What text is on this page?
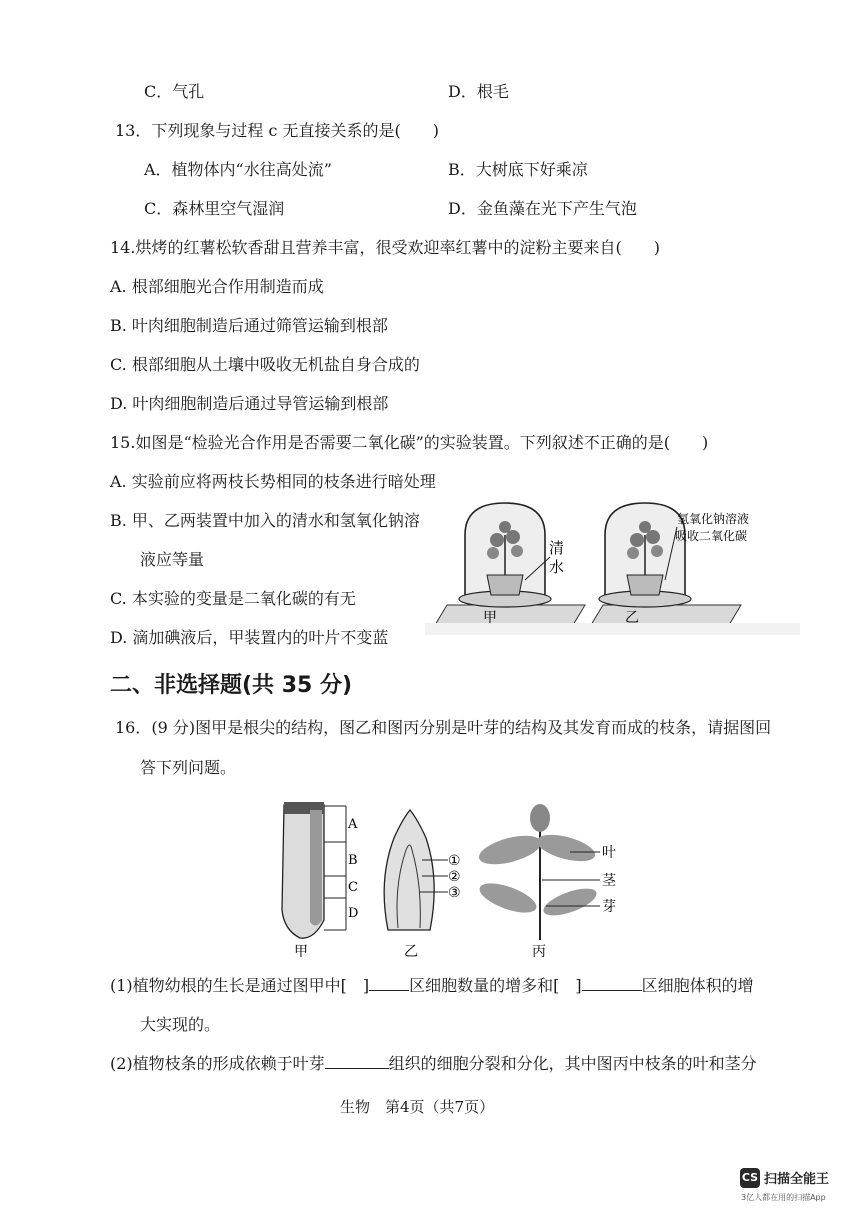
C．气孔	D．根毛
13．下列现象与过程 c 无直接关系的是(　　)
A．植物体内“水往高处流”	B．大树底下好乘凉
C．森林里空气湿润	D．金鱼藻在光下产生气泡
14.烘烤的红薯松软香甜且营养丰富，很受欢迎率红薯中的淀粉主要来自(　　)
A. 根部细胞光合作用制造而成
B. 叶肉细胞制造后通过筛管运输到根部
C. 根部细胞从土壤中吸收无机盐自身合成的
D. 叶肉细胞制造后通过导管运输到根部
15.如图是“检验光合作用是否需要二氧化碳”的实验装置。下列叙述不正确的是(　　)
A. 实验前应将两枝长势相同的枝条进行暗处理
B. 甲、乙两装置中加入的清水和氢氧化钠溶
液应等量
C. 本实验的变量是二氧化碳的有无
D. 滴加碘液后，甲装置内的叶片不变蓝
清
水
氢氧化钠溶液
吸收二氧化碳
甲	乙
二、非选择题(共 35 分)
16．(9 分)图甲是根尖的结构，图乙和图丙分别是叶芽的结构及其发育而成的枝条，请据图回
答下列问题。
A
B
C
D
①
②
③
叶
茎
芽
甲	乙	丙
(1)植物幼根的生长是通过图甲中[　]	区细胞数量的增多和[　]	区细胞体积的增
大实现的。
(2)植物枝条的形成依赖于叶芽	组织的细胞分裂和分化，其中图丙中枝条的叶和茎分
生物　第4页（共7页）
CS 扫描全能王
3亿人都在用的扫描App
